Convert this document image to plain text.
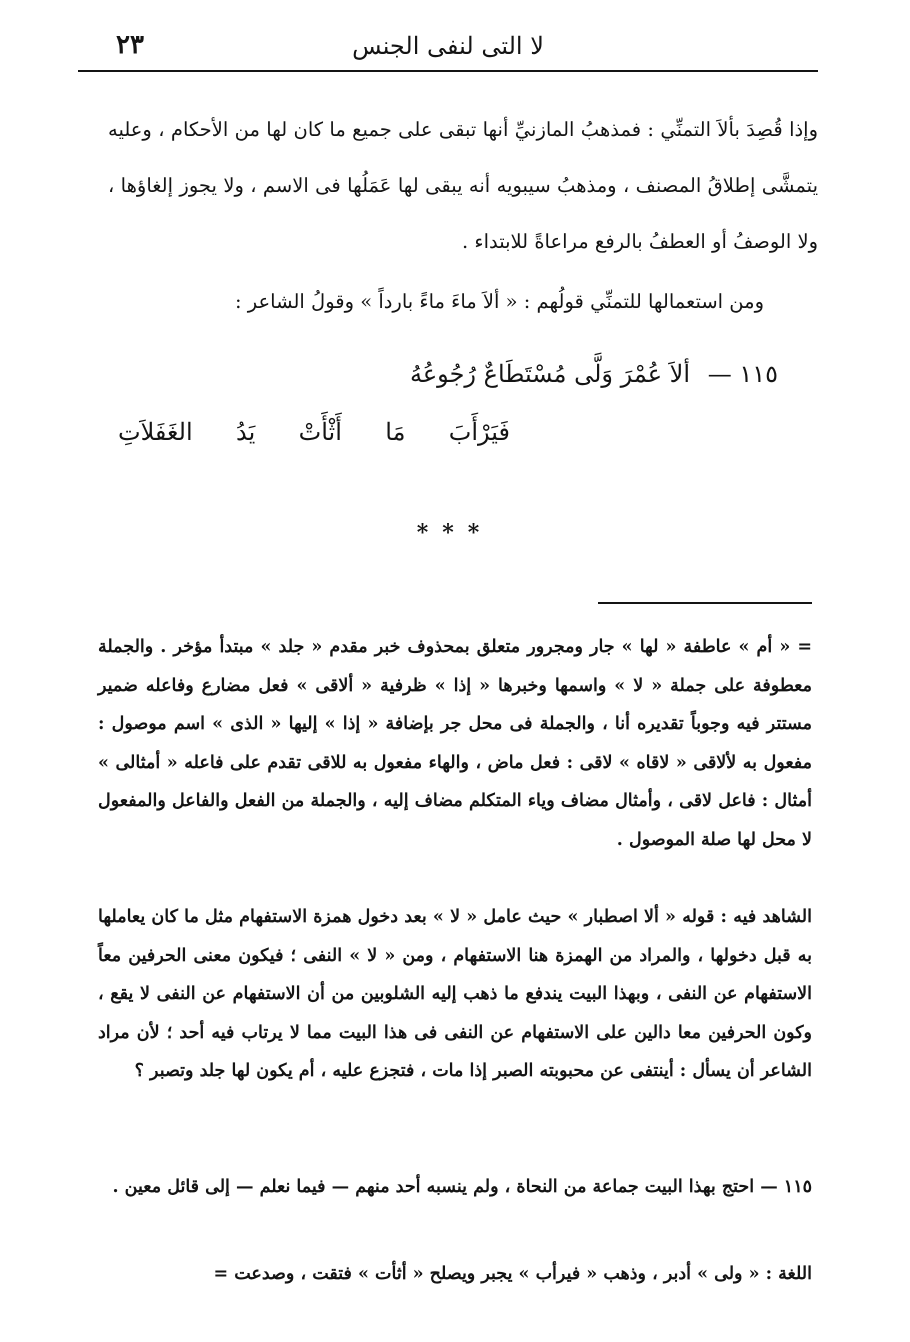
٢٣	لا التى لنفى الجنس

وإذا قُصِدَ بألاَ التمنِّي : فمذهبُ المازنيِّ أنها تبقى على جميع ما كان لها من الأحكام ، وعليه يتمشَّى إطلاقُ المصنف ، ومذهبُ سيبويه أنه يبقى لها عَمَلُها فى الاسم ، ولا يجوز إلغاؤها ، ولا الوصفُ أو العطفُ بالرفع مراعاةً للابتداء .

ومن استعمالها للتمنِّي قولُهم : « ألاَ ماءَ ماءً بارداً » وقولُ الشاعر :

١١٥ — ألاَ عُمْرَ وَلَّى مُسْتَطَاعٌ رُجُوعُهُ
فَيَرْأَبَ
مَا
أَثْأَتْ
يَدُ
الغَفَلاَتِ
***

= « أم » عاطفة « لها » جار ومجرور متعلق بمحذوف خبر مقدم « جلد » مبتدأ مؤخر . والجملة معطوفة على جملة « لا » واسمها وخبرها « إذا » ظرفية « ألاقى » فعل مضارع وفاعله ضمير مستتر فيه وجوباً تقديره أنا ، والجملة فى محل جر بإضافة « إذا » إليها « الذى » اسم موصول : مفعول به لألاقى « لاقاه » لاقى : فعل ماض ، والهاء مفعول به للاقى تقدم على فاعله « أمثالى » أمثال : فاعل لاقى ، وأمثال مضاف وياء المتكلم مضاف إليه ، والجملة من الفعل والفاعل والمفعول لا محل لها صلة الموصول .

الشاهد فيه : قوله « ألا اصطبار » حيث عامل « لا » بعد دخول همزة الاستفهام مثل ما كان يعاملها به قبل دخولها ، والمراد من الهمزة هنا الاستفهام ، ومن « لا » النفى ؛ فيكون معنى الحرفين معاً الاستفهام عن النفى ، وبهذا البيت يندفع ما ذهب إليه الشلوبين من أن الاستفهام عن النفى لا يقع ، وكون الحرفين معا دالين على الاستفهام عن النفى فى هذا البيت مما لا يرتاب فيه أحد ؛ لأن مراد الشاعر أن يسأل : أينتفى عن محبوبته الصبر إذا مات ، فتجزع عليه ، أم يكون لها جلد وتصبر ؟

١١٥ — احتج بهذا البيت جماعة من النحاة ، ولم ينسبه أحد منهم — فيما نعلم — إلى قائل معين .

اللغة : « ولى » أدبر ، وذهب « فيرأب » يجبر ويصلح « أثأت » فتقت ، وصدعت =
